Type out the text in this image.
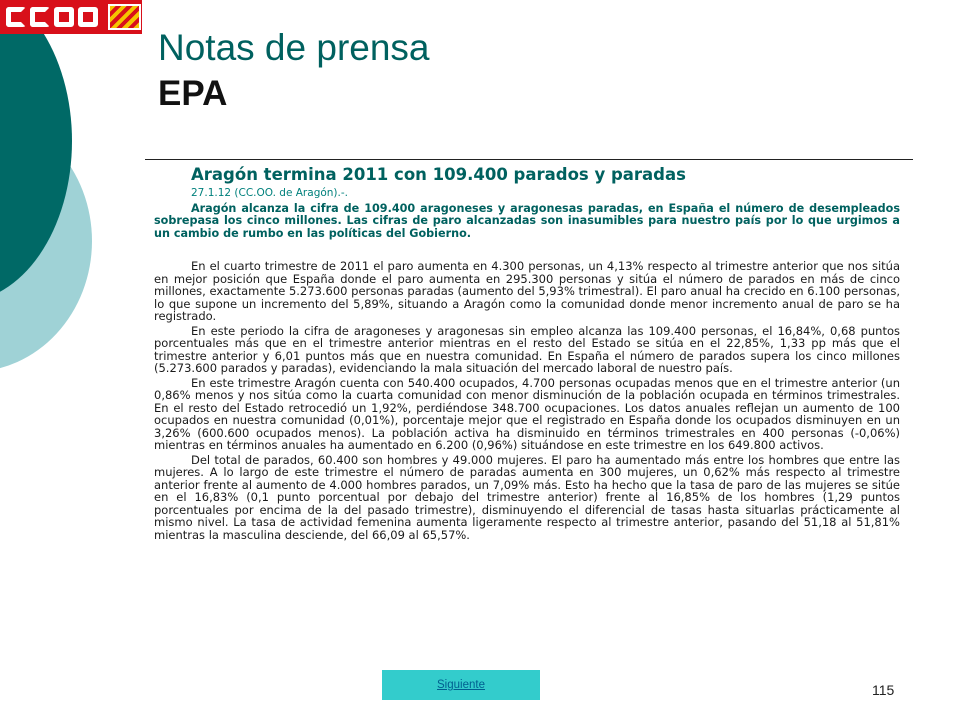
Notas de prensa
EPA

Aragón termina 2011 con 109.400 parados y paradas

27.1.12 (CC.OO. de Aragón).-.

Aragón alcanza la cifra de 109.400 aragoneses y aragonesas paradas, en España el número de desempleados sobrepasa los cinco millones. Las cifras de paro alcanzadas son inasumibles para nuestro país por lo que urgimos a un cambio de rumbo en las políticas del Gobierno.

En el cuarto trimestre de 2011 el paro aumenta en 4.300 personas, un 4,13% respecto al trimestre anterior que nos sitúa en mejor posición que España donde el paro aumenta en 295.300 personas y sitúa el número de parados en más de cinco millones, exactamente 5.273.600 personas paradas (aumento del 5,93% trimestral). El paro anual ha crecido en 6.100 personas, lo que supone un incremento del 5,89%, situando a Aragón como la comunidad donde menor incremento anual de paro se ha registrado.

En este periodo la cifra de aragoneses y aragonesas sin empleo alcanza las 109.400 personas, el 16,84%, 0,68 puntos porcentuales más que en el trimestre anterior mientras en el resto del Estado se sitúa en el 22,85%, 1,33 pp más que el trimestre anterior y 6,01 puntos más que en nuestra comunidad. En España el número de parados supera los cinco millones (5.273.600 parados y paradas), evidenciando la mala situación del mercado laboral de nuestro país.

En este trimestre Aragón cuenta con 540.400 ocupados, 4.700 personas ocupadas menos que en el trimestre anterior (un 0,86% menos y nos sitúa como la cuarta comunidad con menor disminución de la población ocupada en términos trimestrales. En el resto del Estado retrocedió un 1,92%, perdiéndose 348.700 ocupaciones. Los datos anuales reflejan un aumento de 100 ocupados en nuestra comunidad (0,01%), porcentaje mejor que el registrado en España donde los ocupados disminuyen en un 3,26% (600.600 ocupados menos). La población activa ha disminuido en términos trimestrales en 400 personas (-0,06%) mientras en términos anuales ha aumentado en 6.200 (0,96%) situándose en este trimestre en los 649.800 activos.

Del total de parados, 60.400 son hombres y 49.000 mujeres. El paro ha aumentado más entre los hombres que entre las mujeres. A lo largo de este trimestre el número de paradas aumenta en 300 mujeres, un 0,62% más respecto al trimestre anterior frente al aumento de 4.000 hombres parados, un 7,09% más. Esto ha hecho que la tasa de paro de las mujeres se sitúe en el 16,83% (0,1 punto porcentual por debajo del trimestre anterior) frente al 16,85% de los hombres (1,29 puntos porcentuales por encima de la del pasado trimestre), disminuyendo el diferencial de tasas hasta situarlas prácticamente al mismo nivel. La tasa de actividad femenina aumenta ligeramente respecto al trimestre anterior, pasando del 51,18 al 51,81% mientras la masculina desciende, del 66,09 al 65,57%.

Siguiente	115
